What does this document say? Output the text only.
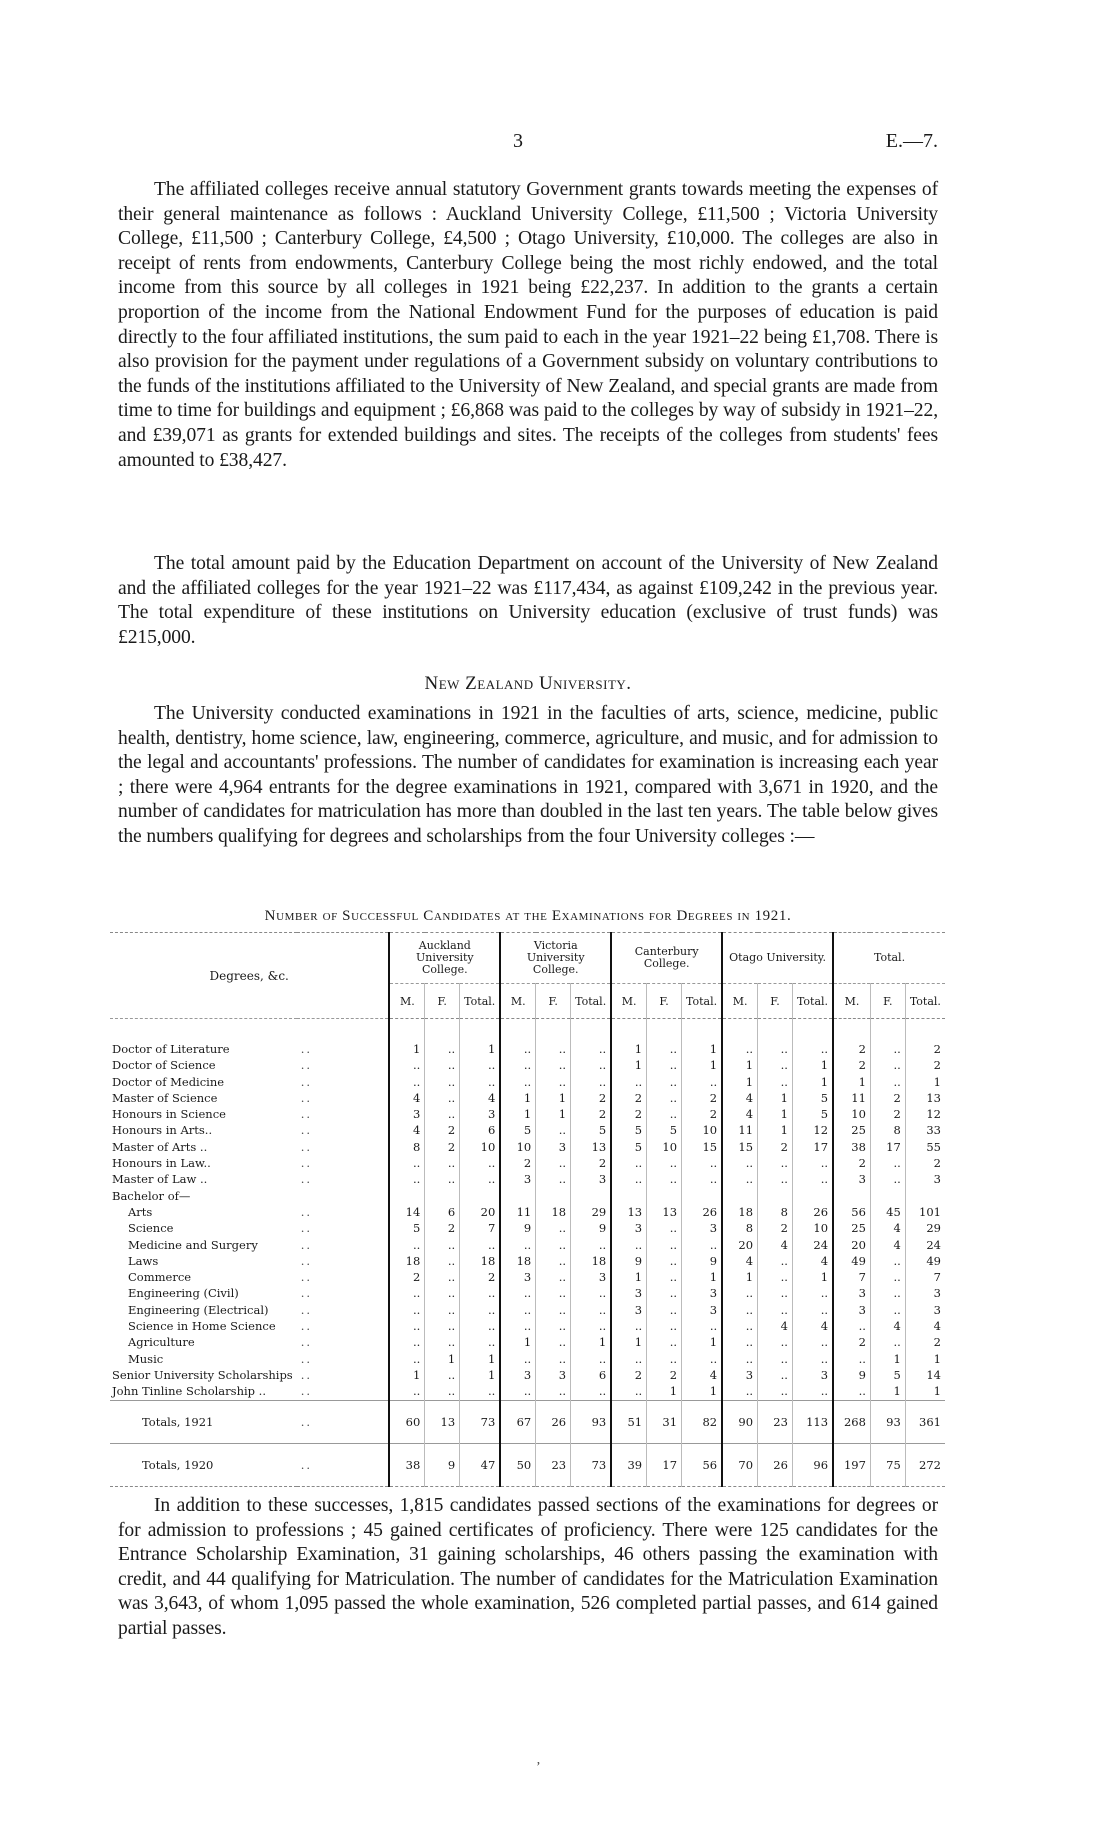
3	E.—7.

The affiliated colleges receive annual statutory Government grants towards meeting the expenses of their general maintenance as follows : Auckland University College, £11,500 ; Victoria University College, £11,500 ; Canterbury College, £4,500 ; Otago University, £10,000. The colleges are also in receipt of rents from endowments, Canterbury College being the most richly endowed, and the total income from this source by all colleges in 1921 being £22,237. In addition to the grants a certain proportion of the income from the National Endowment Fund for the purposes of education is paid directly to the four affiliated institutions, the sum paid to each in the year 1921–22 being £1,708. There is also provision for the payment under regulations of a Government subsidy on voluntary contributions to the funds of the institutions affiliated to the University of New Zealand, and special grants are made from time to time for buildings and equipment ; £6,868 was paid to the colleges by way of subsidy in 1921–22, and £39,071 as grants for extended buildings and sites. The receipts of the colleges from students' fees amounted to £38,427.

The total amount paid by the Education Department on account of the University of New Zealand and the affiliated colleges for the year 1921–22 was £117,434, as against £109,242 in the previous year. The total expenditure of these institutions on University education (exclusive of trust funds) was £215,000.

New Zealand University.

The University conducted examinations in 1921 in the faculties of arts, science, medicine, public health, dentistry, home science, law, engineering, commerce, agriculture, and music, and for admission to the legal and accountants' professions. The number of candidates for examination is increasing each year ; there were 4,964 entrants for the degree examinations in 1921, compared with 3,671 in 1920, and the number of candidates for matriculation has more than doubled in the last ten years. The table below gives the numbers qualifying for degrees and scholarships from the four University colleges :—

Number of Successful Candidates at the Examinations for Degrees in 1921.
Degrees, &c.		Auckland University College.			Victoria University College.			Canterbury College.			Otago University.			Total.		
		M.	F.	Total.	M.	F.	Total.	M.	F.	Total.	M.	F.	Total.	M.	F.	Total.
Doctor of Literature	..	1	..	1	..	..	..	1	..	1	..	..	..	2	..	2
Doctor of Science	..	..	..	..	..	..	..	1	..	1	1	..	1	2	..	2
Doctor of Medicine	..	..	..	..	..	..	..	..	..	..	1	..	1	1	..	1
Master of Science	..	4	..	4	1	1	2	2	..	2	4	1	5	11	2	13
Honours in Science	..	3	..	3	1	1	2	2	..	2	4	1	5	10	2	12
Honours in Arts..	..	4	2	6	5	..	5	5	5	10	11	1	12	25	8	33
Master of Arts ..	..	8	2	10	10	3	13	5	10	15	15	2	17	38	17	55
Honours in Law..	..	..	..	..	2	..	2	..	..	..	..	..	..	2	..	2
Master of Law ..	..	..	..	..	3	..	3	..	..	..	..	..	..	3	..	3
Bachelor of—																
Arts	..	14	6	20	11	18	29	13	13	26	18	8	26	56	45	101
Science	..	5	2	7	9	..	9	3	..	3	8	2	10	25	4	29
Medicine and Surgery	..	..	..	..	..	..	..	..	..	..	20	4	24	20	4	24
Laws	..	18	..	18	18	..	18	9	..	9	4	..	4	49	..	49
Commerce	..	2	..	2	3	..	3	1	..	1	1	..	1	7	..	7
Engineering (Civil)	..	..	..	..	..	..	..	3	..	3	..	..	..	3	..	3
Engineering (Electrical)	..	..	..	..	..	..	..	3	..	3	..	..	..	3	..	3
Science in Home Science	..	..	..	..	..	..	..	..	..	..	..	4	4	..	4	4
Agriculture	..	..	..	..	1	..	1	1	..	1	..	..	..	2	..	2
Music	..	..	1	1	..	..	..	..	..	..	..	..	..	..	1	1
Senior University Scholarships	..	1	..	1	3	3	6	2	2	4	3	..	3	9	5	14
John Tinline Scholarship ..	..	..	..	..	..	..	..	..	1	1	..	..	..	..	1	1
Totals, 1921	..	60	13	73	67	26	93	51	31	82	90	23	113	268	93	361
Totals, 1920	..	38	9	47	50	23	73	39	17	56	70	26	96	197	75	272

In addition to these successes, 1,815 candidates passed sections of the examinations for degrees or for admission to professions ; 45 gained certificates of proficiency. There were 125 candidates for the Entrance Scholarship Examination, 31 gaining scholarships, 46 others passing the examination with credit, and 44 qualifying for Matriculation. The number of candidates for the Matriculation Examination was 3,643, of whom 1,095 passed the whole examination, 526 completed partial passes, and 614 gained partial passes.

’
